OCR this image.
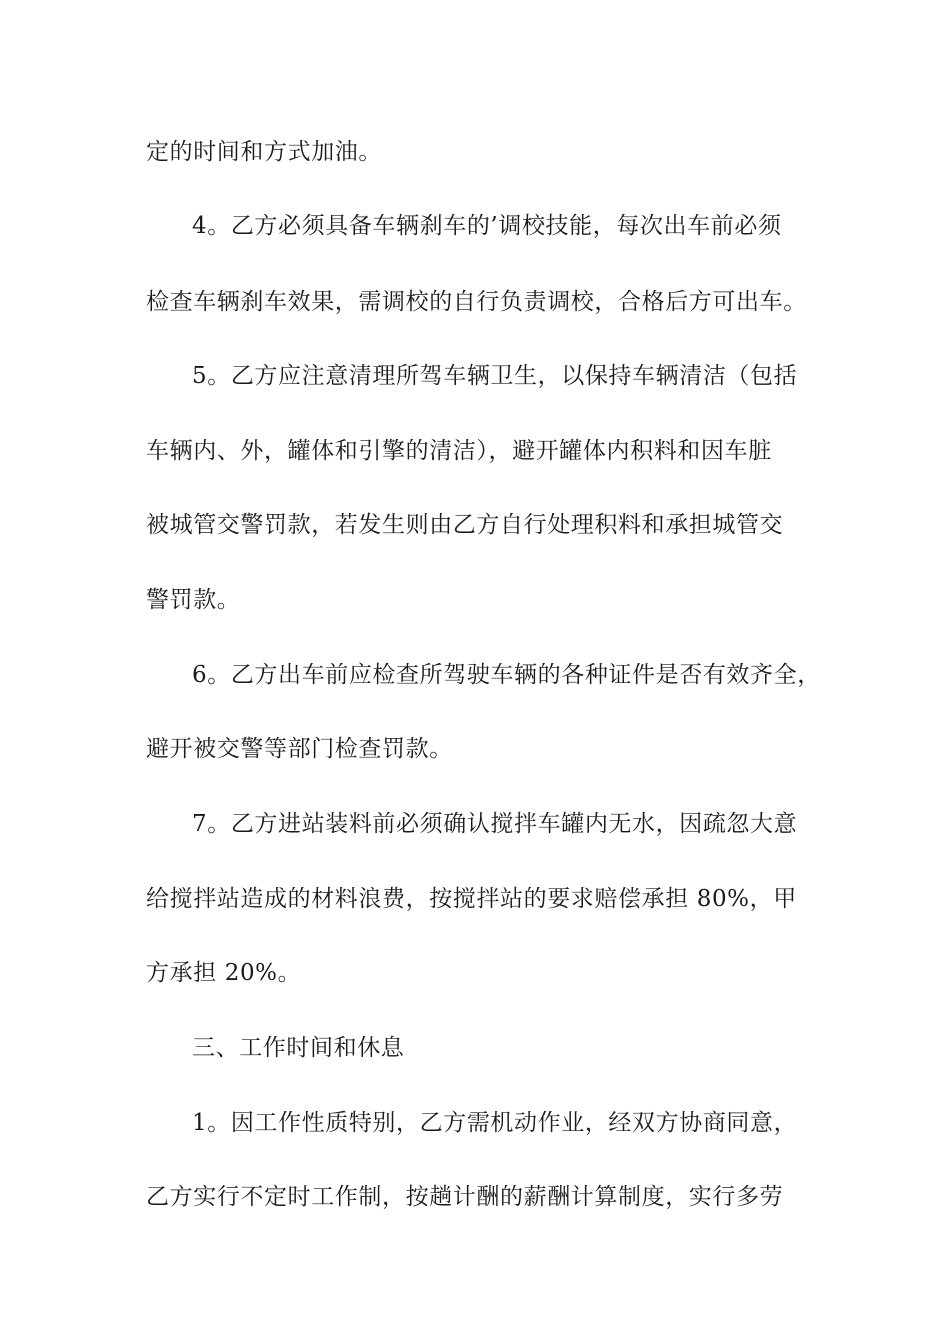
定的时间和方式加油。
4。乙方必须具备车辆刹车的’调校技能，每次出车前必须
检查车辆刹车效果，需调校的自行负责调校，合格后方可出车。
5。乙方应注意清理所驾车辆卫生，以保持车辆清洁（包括
车辆内、外，罐体和引擎的清洁），避开罐体内积料和因车脏
被城管交警罚款，若发生则由乙方自行处理积料和承担城管交
警罚款。
6。乙方出车前应检查所驾驶车辆的各种证件是否有效齐全，
避开被交警等部门检查罚款。
7。乙方进站装料前必须确认搅拌车罐内无水，因疏忽大意
给搅拌站造成的材料浪费，按搅拌站的要求赔偿承担 80%，甲
方承担 20%。
三、工作时间和休息
1。因工作性质特别，乙方需机动作业，经双方协商同意，
乙方实行不定时工作制，按趟计酬的薪酬计算制度，实行多劳
